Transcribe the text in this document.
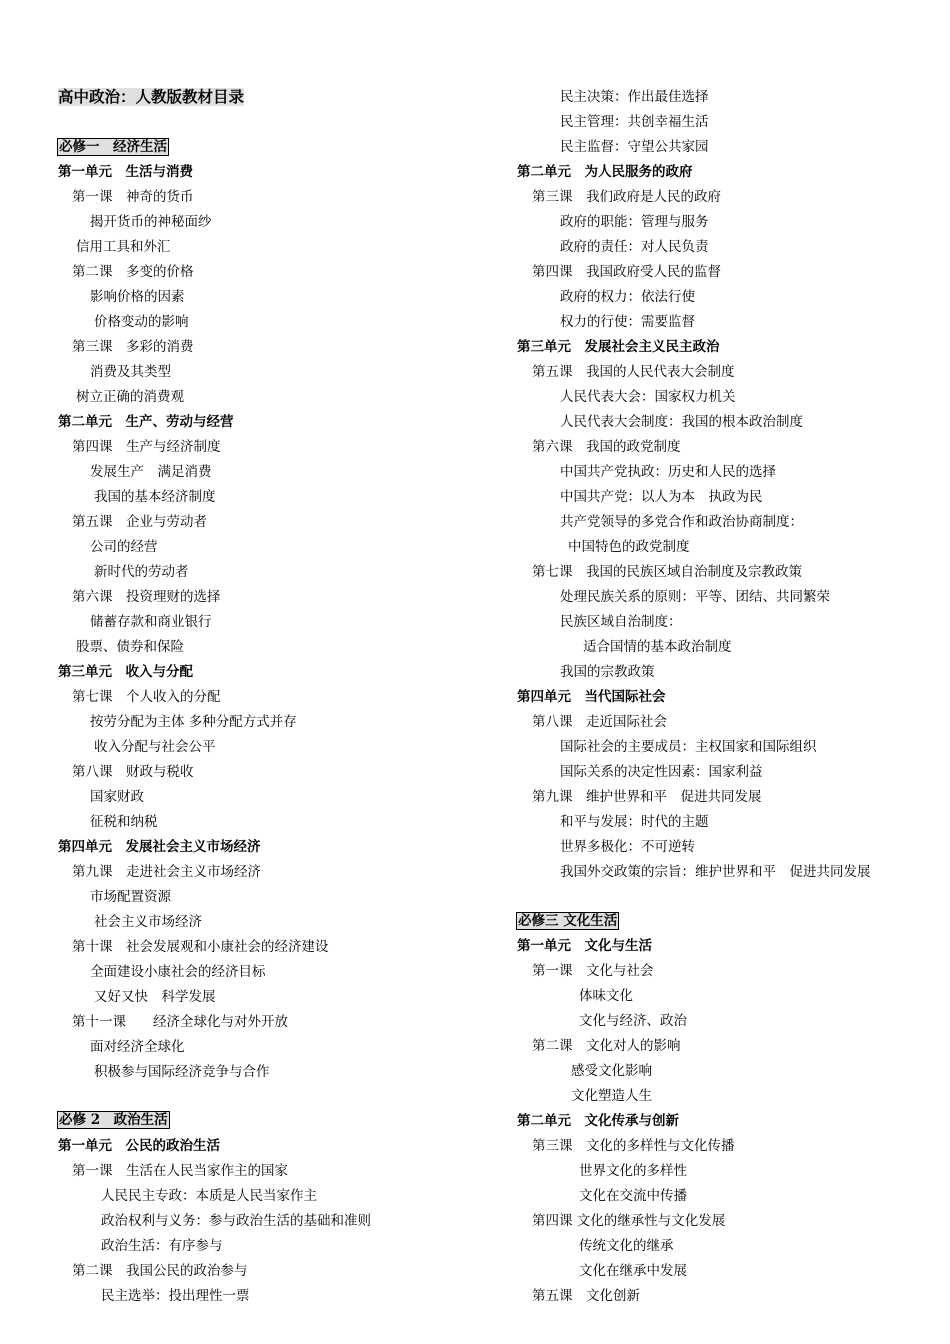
高中政治：人教版教材目录
必修一　经济生活
第一单元　生活与消费
第一课　神奇的货币
揭开货币的神秘面纱
信用工具和外汇
第二课　多变的价格
影响价格的因素
价格变动的影响
第三课　多彩的消费
消费及其类型
树立正确的消费观
第二单元　生产、劳动与经营
第四课　生产与经济制度
发展生产　满足消费
我国的基本经济制度
第五课　企业与劳动者
公司的经营
新时代的劳动者
第六课　投资理财的选择
储蓄存款和商业银行
股票、债券和保险
第三单元　收入与分配
第七课　个人收入的分配
按劳分配为主体 多种分配方式并存
收入分配与社会公平
第八课　财政与税收
国家财政
征税和纳税
第四单元　发展社会主义市场经济
第九课　走进社会主义市场经济
市场配置资源
社会主义市场经济
第十课　社会发展观和小康社会的经济建设
全面建设小康社会的经济目标
又好又快　科学发展
第十一课　　经济全球化与对外开放
面对经济全球化
积极参与国际经济竞争与合作
必修 2　政治生活
第一单元　公民的政治生活
第一课　生活在人民当家作主的国家
人民民主专政：本质是人民当家作主
政治权利与义务：参与政治生活的基础和准则
政治生活：有序参与
第二课　我国公民的政治参与
民主选举：投出理性一票
民主决策：作出最佳选择
民主管理：共创幸福生活
民主监督：守望公共家园
第二单元　为人民服务的政府
第三课　我们政府是人民的政府
政府的职能：管理与服务
政府的责任：对人民负责
第四课　我国政府受人民的监督
政府的权力：依法行使
权力的行使：需要监督
第三单元　发展社会主义民主政治
第五课　我国的人民代表大会制度
人民代表大会：国家权力机关
人民代表大会制度：我国的根本政治制度
第六课　我国的政党制度
中国共产党执政：历史和人民的选择
中国共产党：以人为本　执政为民
共产党领导的多党合作和政治协商制度：
中国特色的政党制度
第七课　我国的民族区域自治制度及宗教政策
处理民族关系的原则：平等、团结、共同繁荣
民族区域自治制度：
适合国情的基本政治制度
我国的宗教政策
第四单元　当代国际社会
第八课　走近国际社会
国际社会的主要成员：主权国家和国际组织
国际关系的决定性因素：国家利益
第九课　维护世界和平　促进共同发展
和平与发展：时代的主题
世界多极化：不可逆转
我国外交政策的宗旨：维护世界和平　促进共同发展
必修三 文化生活
第一单元　文化与生活
第一课　文化与社会
体味文化
文化与经济、政治
第二课　文化对人的影响
感受文化影响
文化塑造人生
第二单元　文化传承与创新
第三课　文化的多样性与文化传播
世界文化的多样性
文化在交流中传播
第四课 文化的继承性与文化发展
传统文化的继承
文化在继承中发展
第五课　文化创新
